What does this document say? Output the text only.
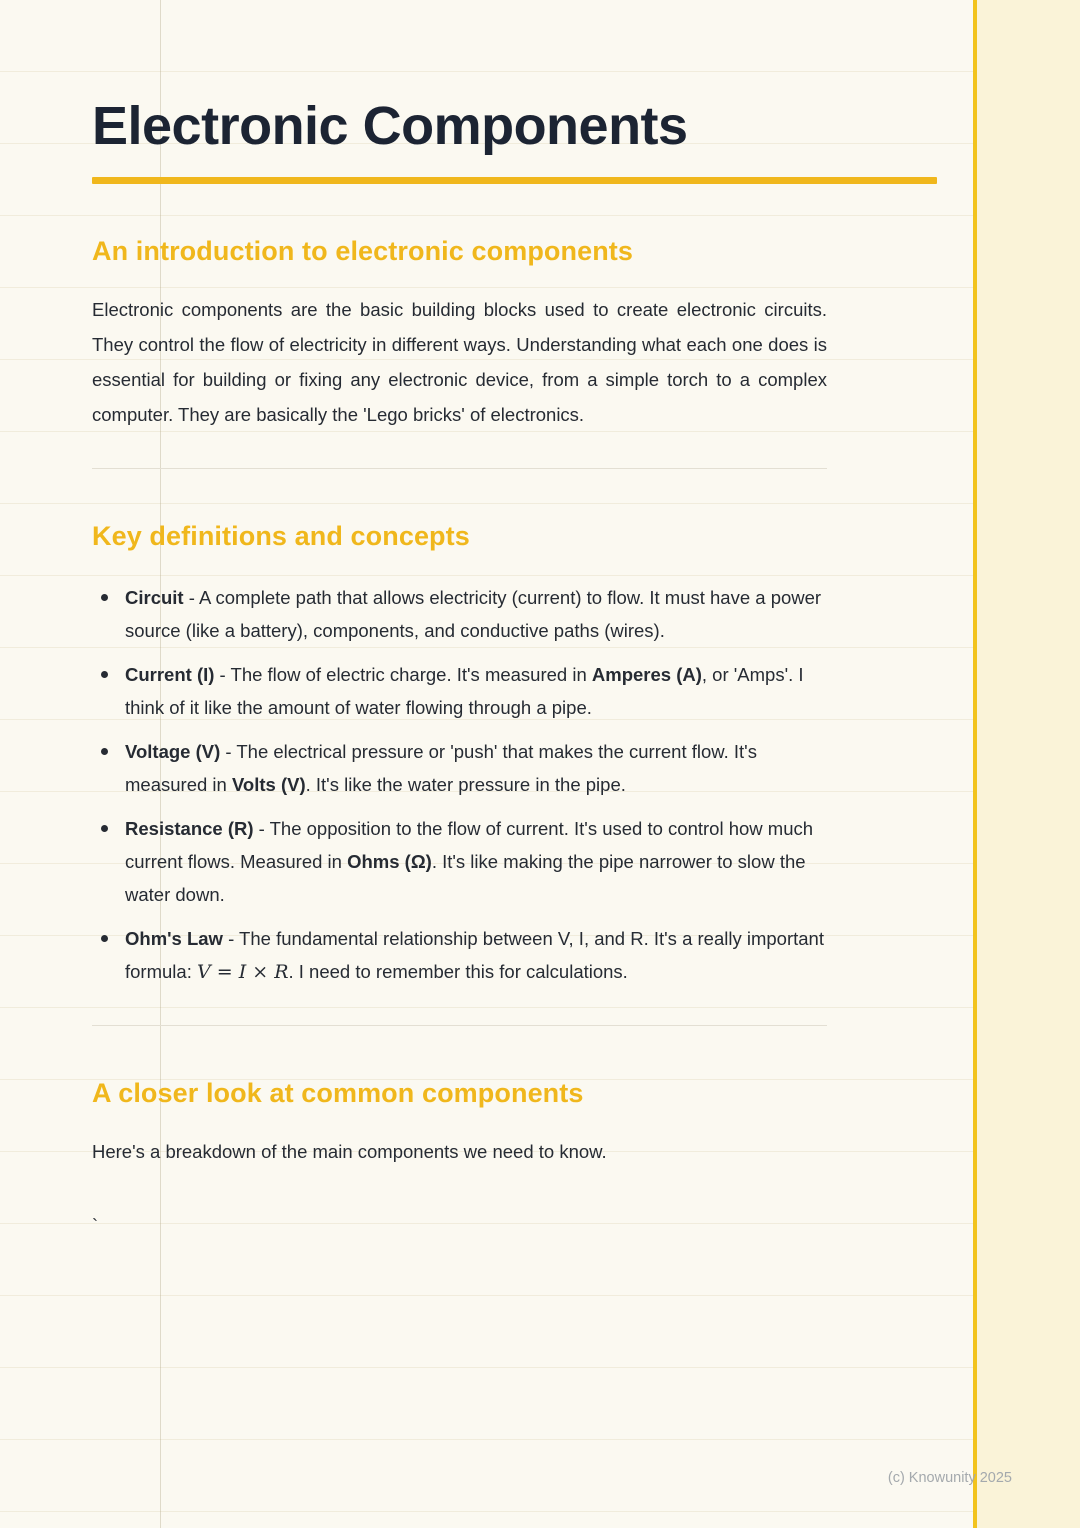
Electronic Components
An introduction to electronic components

Electronic components are the basic building blocks used to create electronic circuits. They control the flow of electricity in different ways. Understanding what each one does is essential for building or fixing any electronic device, from a simple torch to a complex computer. They are basically the 'Lego bricks' of electronics.

Key definitions and concepts
Circuit - A complete path that allows electricity (current) to flow. It must have a power source (like a battery), components, and conductive paths (wires).
Current (I) - The flow of electric charge. It's measured in Amperes (A), or 'Amps'. I think of it like the amount of water flowing through a pipe.
Voltage (V) - The electrical pressure or 'push' that makes the current flow. It's measured in Volts (V). It's like the water pressure in the pipe.
Resistance (R) - The opposition to the flow of current. It's used to control how much current flows. Measured in Ohms (Ω). It's like making the pipe narrower to slow the water down.
Ohm's Law - The fundamental relationship between V, I, and R. It's a really important formula: V = I × R. I need to remember this for calculations.
A closer look at common components

Here's a breakdown of the main components we need to know.

`
(c) Knowunity 2025
